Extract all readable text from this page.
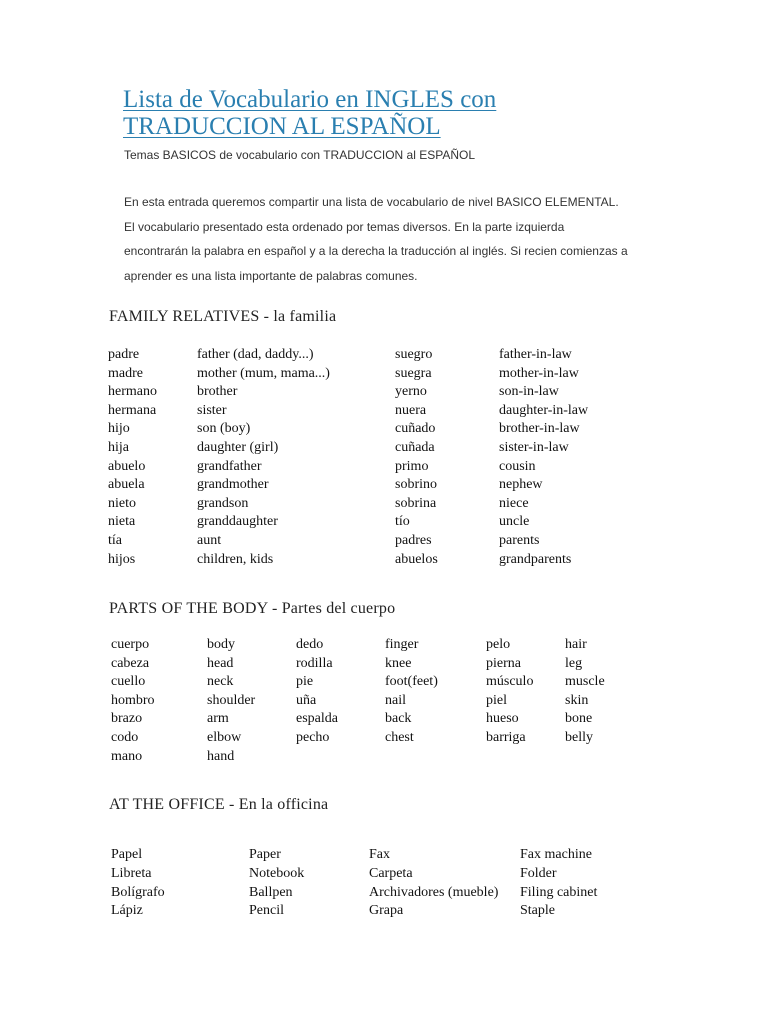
Lista de Vocabulario en INGLES con
TRADUCCION AL ESPAÑOL
Temas BASICOS de vocabulario con TRADUCCION al ESPAÑOL
En esta entrada queremos compartir una lista de vocabulario de nivel BASICO ELEMENTAL.
El vocabulario presentado esta ordenado por temas diversos. En la parte izquierda
encontrarán la palabra en español y a la derecha la traducción al inglés. Si recien comienzas a
aprender es una lista importante de palabras comunes.
FAMILY RELATIVES - la familia
padre
madre
hermano
hermana
hijo
hija
abuelo
abuela
nieto
nieta
tía
hijos
father (dad, daddy...)
mother (mum, mama...)
brother
sister
son (boy)
daughter (girl)
grandfather
grandmother
grandson
granddaughter
aunt
children, kids
suegro
suegra
yerno
nuera
cuñado
cuñada
primo
sobrino
sobrina
tío
padres
abuelos
father-in-law
mother-in-law
son-in-law
daughter-in-law
brother-in-law
sister-in-law
cousin
nephew
niece
uncle
parents
grandparents
PARTS OF THE BODY - Partes del cuerpo
cuerpo
cabeza
cuello
hombro
brazo
codo
mano
body
head
neck
shoulder
arm
elbow
hand
dedo
rodilla
pie
uña
espalda
pecho
finger
knee
foot(feet)
nail
back
chest
pelo
pierna
músculo
piel
hueso
barriga
hair
leg
muscle
skin
bone
belly
AT THE OFFICE - En la officina
Papel
Libreta
Bolígrafo
Lápiz
Paper
Notebook
Ballpen
Pencil
Fax
Carpeta
Archivadores (mueble)
Grapa
Fax machine
Folder
Filing cabinet
Staple
